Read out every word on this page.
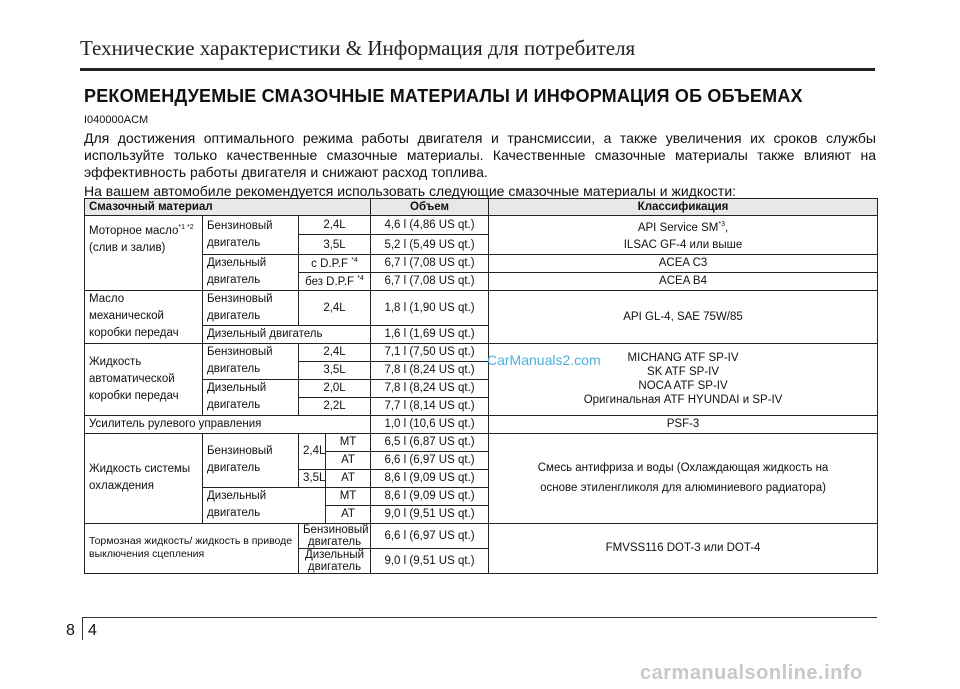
Технические характеристики & Информация для потребителя
РЕКОМЕНДУЕМЫЕ СМАЗОЧНЫЕ МАТЕРИАЛЫ И ИНФОРМАЦИЯ ОБ ОБЪЕМАХ
I040000ACM

Для достижения оптимального режима работы двигателя и трансмиссии, а также увеличения их сроков службы используйте только качественные смазочные материалы. Качественные смазочные материалы также влияют на эффективность работы двигателя и снижают расход топлива.

На вашем автомобиле рекомендуется использовать следующие смазочные материалы и жидкости:

Смазочный материал				Объем	Классификация
Моторное масло$^{*1 *2}$
(слив и залив)	Бензиновый двигатель	2,4L		4,6 l (4,86 US qt.)	API Service SM$^{*3}$,
ILSAC GF-4 или выше
		3,5L		5,2 l (5,49 US qt.)	
	Дизельный двигатель	с D.P.F $^{*4}$		6,7 l (7,08 US qt.)	ACEA C3
		без D.P.F $^{*4}$		6,7 l (7,08 US qt.)	ACEA B4
Масло механической коробки передач	Бензиновый двигатель	2,4L		1,8 l (1,90 US qt.)	API GL-4, SAE 75W/85
	Дизельный двигатель			1,6 l (1,69 US qt.)	
Жидкость автоматической коробки передач	Бензиновый двигатель	2,4L		7,1 l (7,50 US qt.)	MICHANG ATF SP-IV
SK ATF SP-IV
NOCA ATF SP-IV
Оригинальная ATF HYUNDAI и SP-IV
		3,5L		7,8 l (8,24 US qt.)	
	Дизельный двигатель	2,0L		7,8 l (8,24 US qt.)	
		2,2L		7,7 l (8,14 US qt.)	
Усилитель рулевого управления				1,0 l (10,6 US qt.)	PSF-3
Жидкость системы охлаждения	Бензиновый двигатель	2,4L	MT	6,5 l (6,87 US qt.)	Смесь антифриза и воды (Охлаждающая жидкость на основе этиленгликоля для алюминиевого радиатора)
			AT	6,6 l (6,97 US qt.)	
		3,5L	AT	8,6 l (9,09 US qt.)	
	Дизельный двигатель		MT	8,6 l (9,09 US qt.)	
			AT	9,0 l (9,51 US qt.)	
Тормозная жидкость/ жидкость в приводе выключения сцепления		Бензиновый двигатель		6,6 l (6,97 US qt.)	FMVSS116 DOT-3 или DOT-4
		Дизельный двигатель		9,0 l (9,51 US qt.)	
CarManuals2.com
8 4
carmanualsonline.info
